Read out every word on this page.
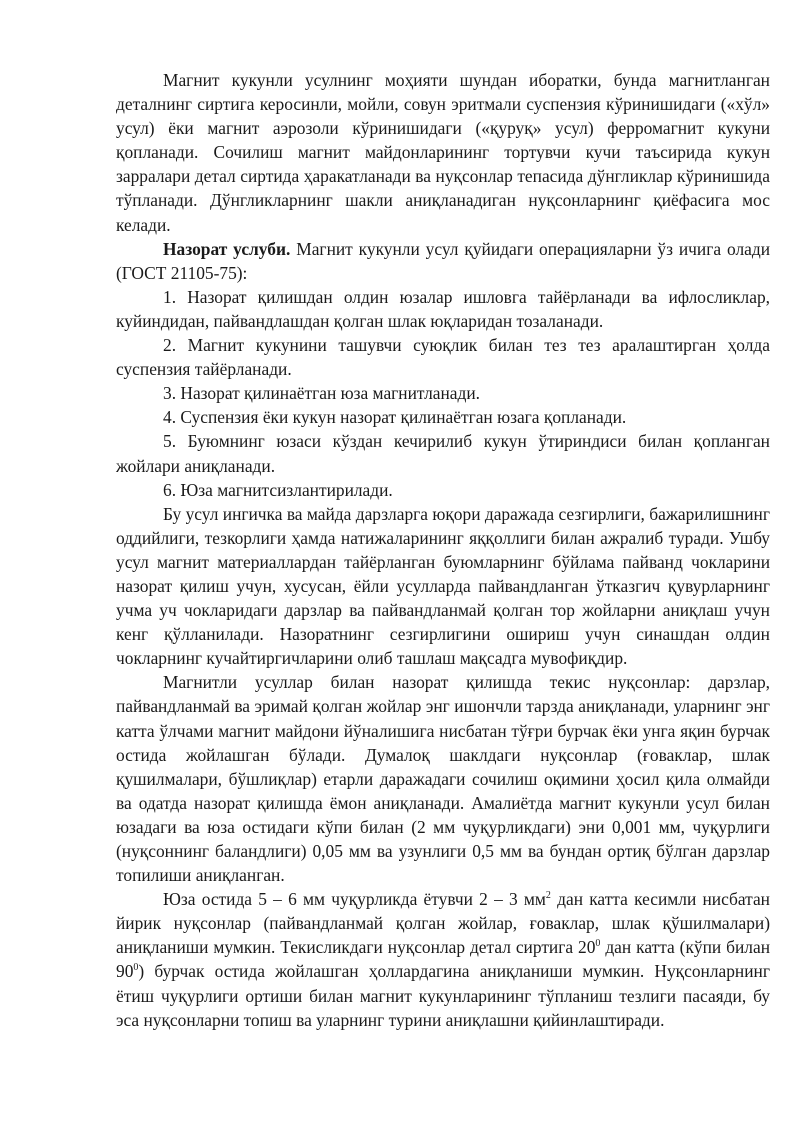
Магнит кукунли усулнинг моҳияти шундан иборатки, бунда магнитланган деталнинг сиртига керосинли, мойли, совун эритмали суспензия кўринишидаги («хўл» усул) ёки магнит аэрозоли кўринишидаги («қуруқ» усул) ферромагнит кукуни қопланади. Сочилиш магнит майдонларининг тортувчи кучи таъсирида кукун зарралари детал сиртида ҳаракатланади ва нуқсонлар тепасида дўнгликлар кўринишида тўпланади. Дўнгликларнинг шакли аниқланадиган нуқсонларнинг қиёфасига мос келади.

Назорат услуби. Магнит кукунли усул қуйидаги операцияларни ўз ичига олади (ГОСТ 21105-75):

1. Назорат қилишдан олдин юзалар ишловга тайёрланади ва ифлосликлар, куйиндидан, пайвандлашдан қолган шлак юқларидан тозаланади.

2. Магнит кукунини ташувчи суюқлик билан тез тез аралаштирган ҳолда суспензия тайёрланади.

3. Назорат қилинаётган юза магнитланади.

4. Суспензия ёки кукун назорат қилинаётган юзага қопланади.

5. Буюмнинг юзаси кўздан кечирилиб кукун ўтириндиси билан қопланган жойлари аниқланади.

6. Юза магнитсизлантирилади.

Бу усул ингичка ва майда дарзларга юқори даражада сезгирлиги, бажарилишнинг оддийлиги, тезкорлиги ҳамда натижаларининг яққоллиги билан ажралиб туради. Ушбу усул магнит материаллардан тайёрланган буюмларнинг бўйлама пайванд чокларини назорат қилиш учун, хусусан, ёйли усулларда пайвандланган ўтказгич қувурларнинг учма уч чокларидаги дарзлар ва пайвандланмай қолган тор жойларни аниқлаш учун кенг қўлланилади. Назоратнинг сезгирлигини ошириш учун синашдан олдин чокларнинг кучайтиргичларини олиб ташлаш мақсадга мувофиқдир.

Магнитли усуллар билан назорат қилишда текис нуқсонлар: дарзлар, пайвандланмай ва эримай қолган жойлар энг ишончли тарзда аниқланади, уларнинг энг катта ўлчами магнит майдони йўналишига нисбатан тўғри бурчак ёки унга яқин бурчак остида жойлашган бўлади. Думалоқ шаклдаги нуқсонлар (ғоваклар, шлак қушилмалари, бўшлиқлар) етарли даражадаги сочилиш оқимини ҳосил қила олмайди ва одатда назорат қилишда ёмон аниқланади. Амалиётда магнит кукунли усул билан юзадаги ва юза остидаги кўпи билан (2 мм чуқурликдаги) эни 0,001 мм, чуқурлиги (нуқсоннинг баландлиги) 0,05 мм ва узунлиги 0,5 мм ва бундан ортиқ бўлган дарзлар топилиши аниқланган.

Юза остида 5 – 6 мм чуқурликда ётувчи 2 – 3 $мм^2$ дан катта кесимли нисбатан йирик нуқсонлар (пайвандланмай қолган жойлар, ғоваклар, шлак қўшилмалари) аниқланиши мумкин. Текисликдаги нуқсонлар детал сиртига $20^0$ дан катта (кўпи билан $90^0$) бурчак остида жойлашган ҳоллардагина аниқланиши мумкин. Нуқсонларнинг ётиш чуқурлиги ортиши билан магнит кукунларининг тўпланиш тезлиги пасаяди, бу эса нуқсонларни топиш ва уларнинг турини аниқлашни қийинлаштиради.
